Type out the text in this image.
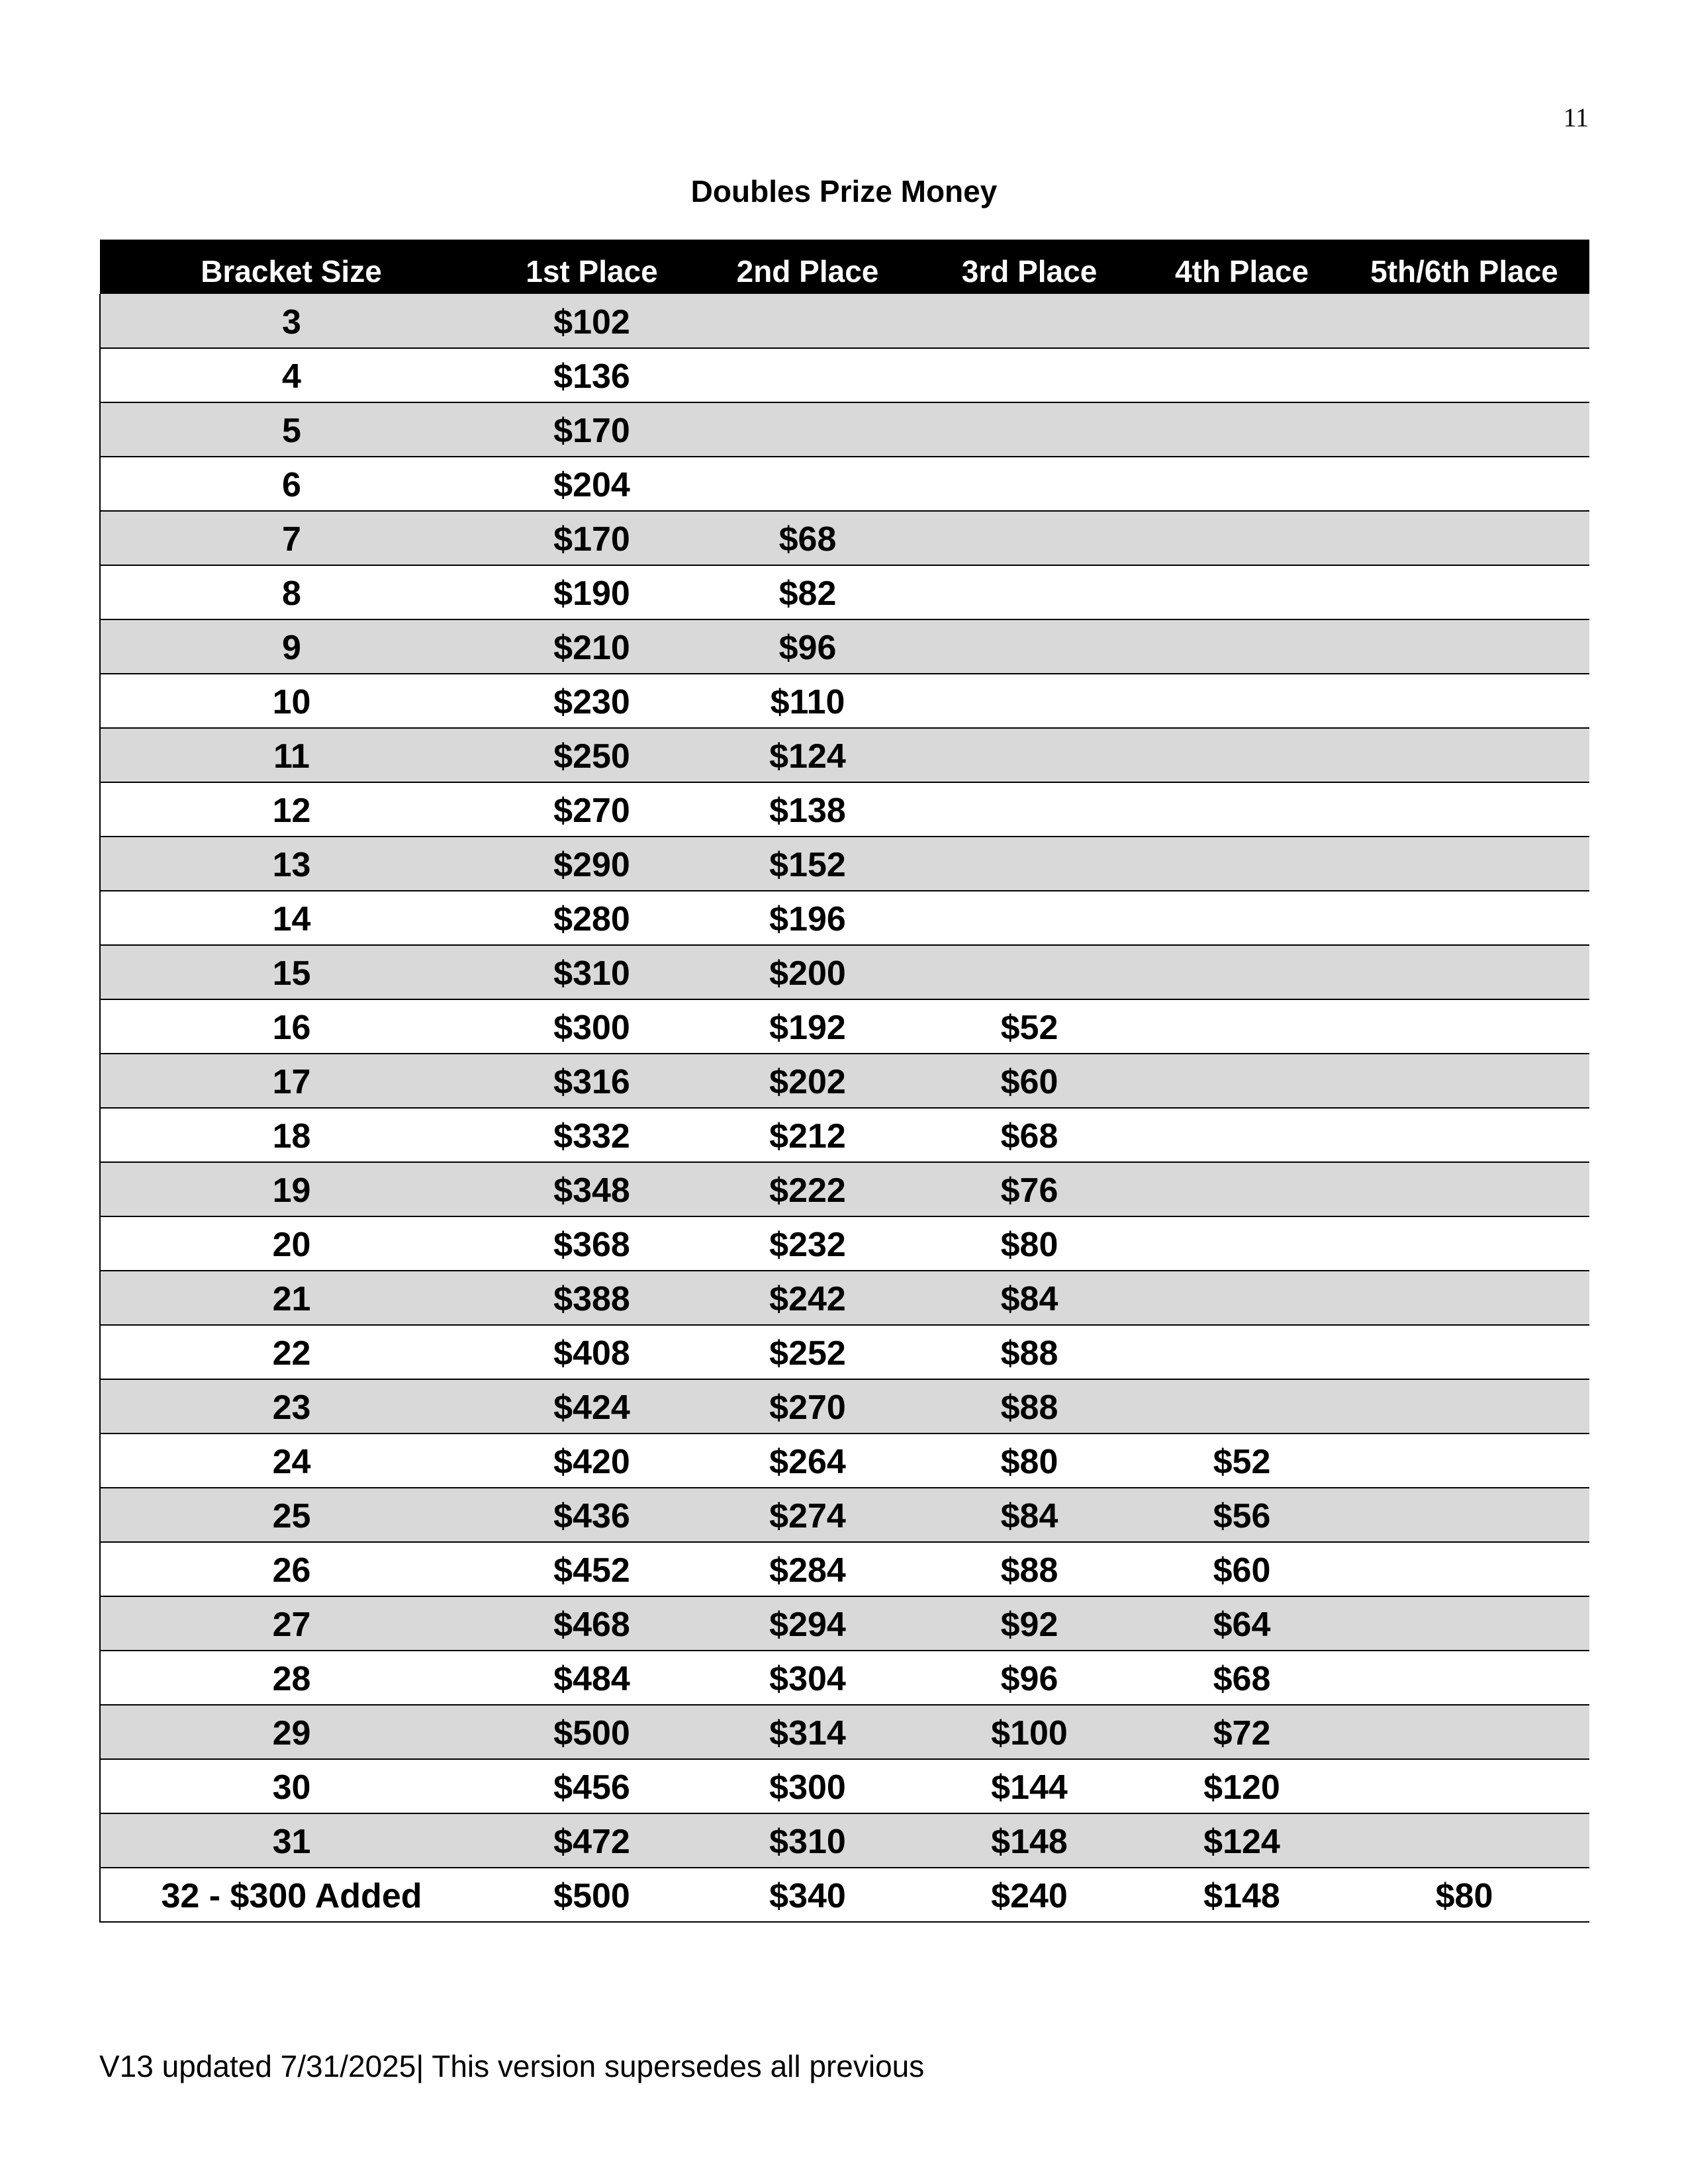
11
Doubles Prize Money
Bracket Size	1st Place	2nd Place	3rd Place	4th Place	5th/6th Place
3	$102				
4	$136				
5	$170				
6	$204				
7	$170	$68			
8	$190	$82			
9	$210	$96			
10	$230	$110			
11	$250	$124			
12	$270	$138			
13	$290	$152			
14	$280	$196			
15	$310	$200			
16	$300	$192	$52		
17	$316	$202	$60		
18	$332	$212	$68		
19	$348	$222	$76		
20	$368	$232	$80		
21	$388	$242	$84		
22	$408	$252	$88		
23	$424	$270	$88		
24	$420	$264	$80	$52	
25	$436	$274	$84	$56	
26	$452	$284	$88	$60	
27	$468	$294	$92	$64	
28	$484	$304	$96	$68	
29	$500	$314	$100	$72	
30	$456	$300	$144	$120	
31	$472	$310	$148	$124	
32 - $300 Added	$500	$340	$240	$148	$80
V13 updated 7/31/2025| This version supersedes all previous
